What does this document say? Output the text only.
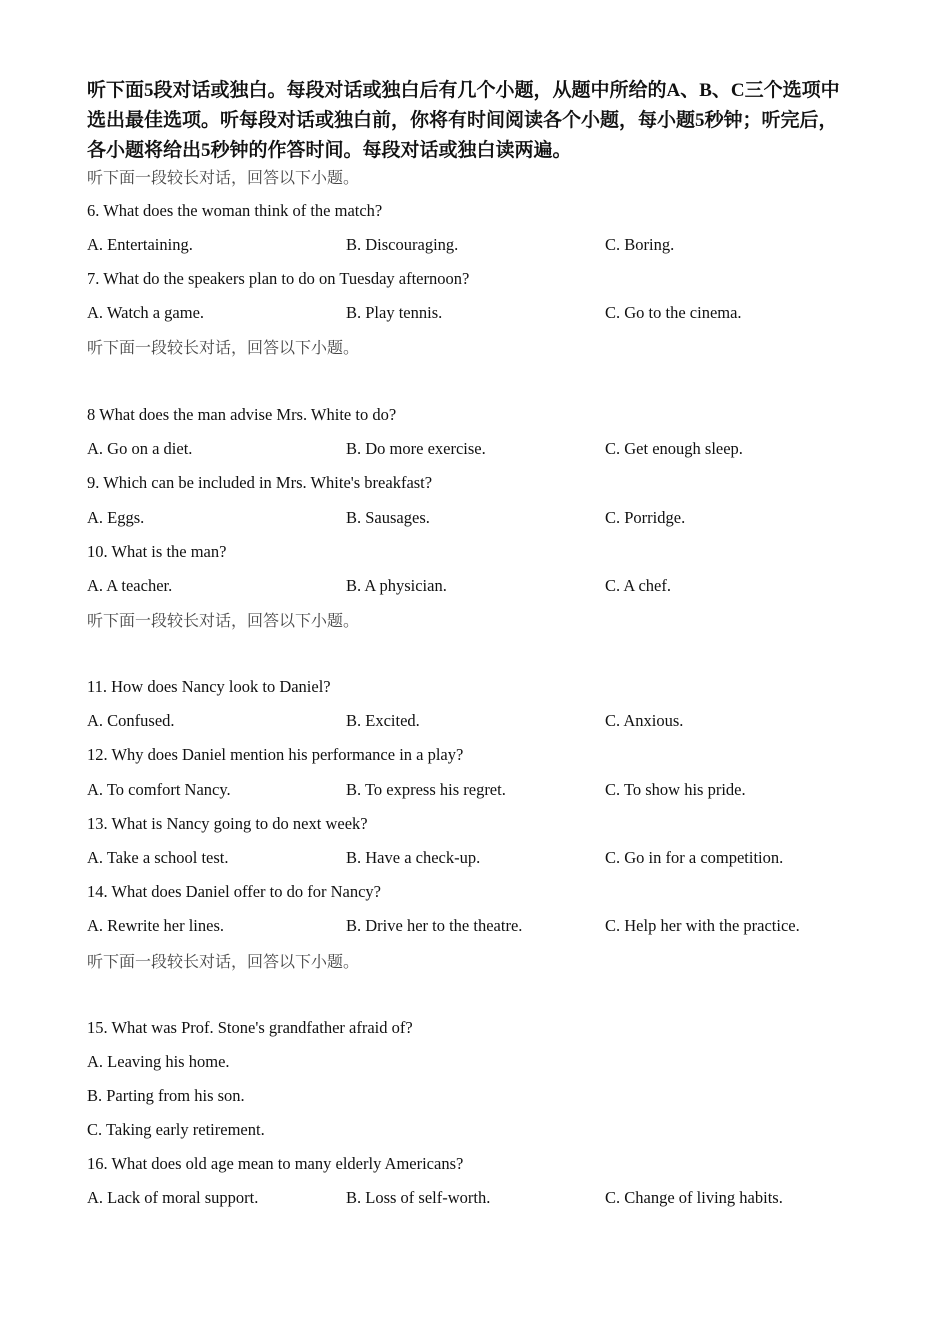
听下面5段对话或独白。每段对话或独白后有几个小题，从题中所给的A、B、C三个选项中

选出最佳选项。听每段对话或独白前，你将有时间阅读各个小题，每小题5秒钟；听完后，

各小题将给出5秒钟的作答时间。每段对话或独白读两遍。

听下面一段较长对话，回答以下小题。
6. What does the woman think of the match?
A. Entertaining.	B. Discouraging.	C. Boring.
7. What do the speakers plan to do on Tuesday afternoon?
A. Watch a game.	B. Play tennis.	C. Go to the cinema.
听下面一段较长对话，回答以下小题。
8 What does the man advise Mrs. White to do?
A. Go on a diet.	B. Do more exercise.	C. Get enough sleep.
9. Which can be included in Mrs. White's breakfast?
A. Eggs.	B. Sausages.	C. Porridge.
10. What is the man?
A. A teacher.	B. A physician.	C. A chef.
听下面一段较长对话，回答以下小题。
11. How does Nancy look to Daniel?
A. Confused.	B. Excited.	C. Anxious.
12. Why does Daniel mention his performance in a play?
A. To comfort Nancy.	B. To express his regret.	C. To show his pride.
13. What is Nancy going to do next week?
A. Take a school test.	B. Have a check-up.	C. Go in for a competition.
14. What does Daniel offer to do for Nancy?
A. Rewrite her lines.	B. Drive her to the theatre.	C. Help her with the practice.
听下面一段较长对话，回答以下小题。
15. What was Prof. Stone's grandfather afraid of?
A. Leaving his home.
B. Parting from his son.
C. Taking early retirement.
16. What does old age mean to many elderly Americans?
A. Lack of moral support.	B. Loss of self-worth.	C. Change of living habits.
